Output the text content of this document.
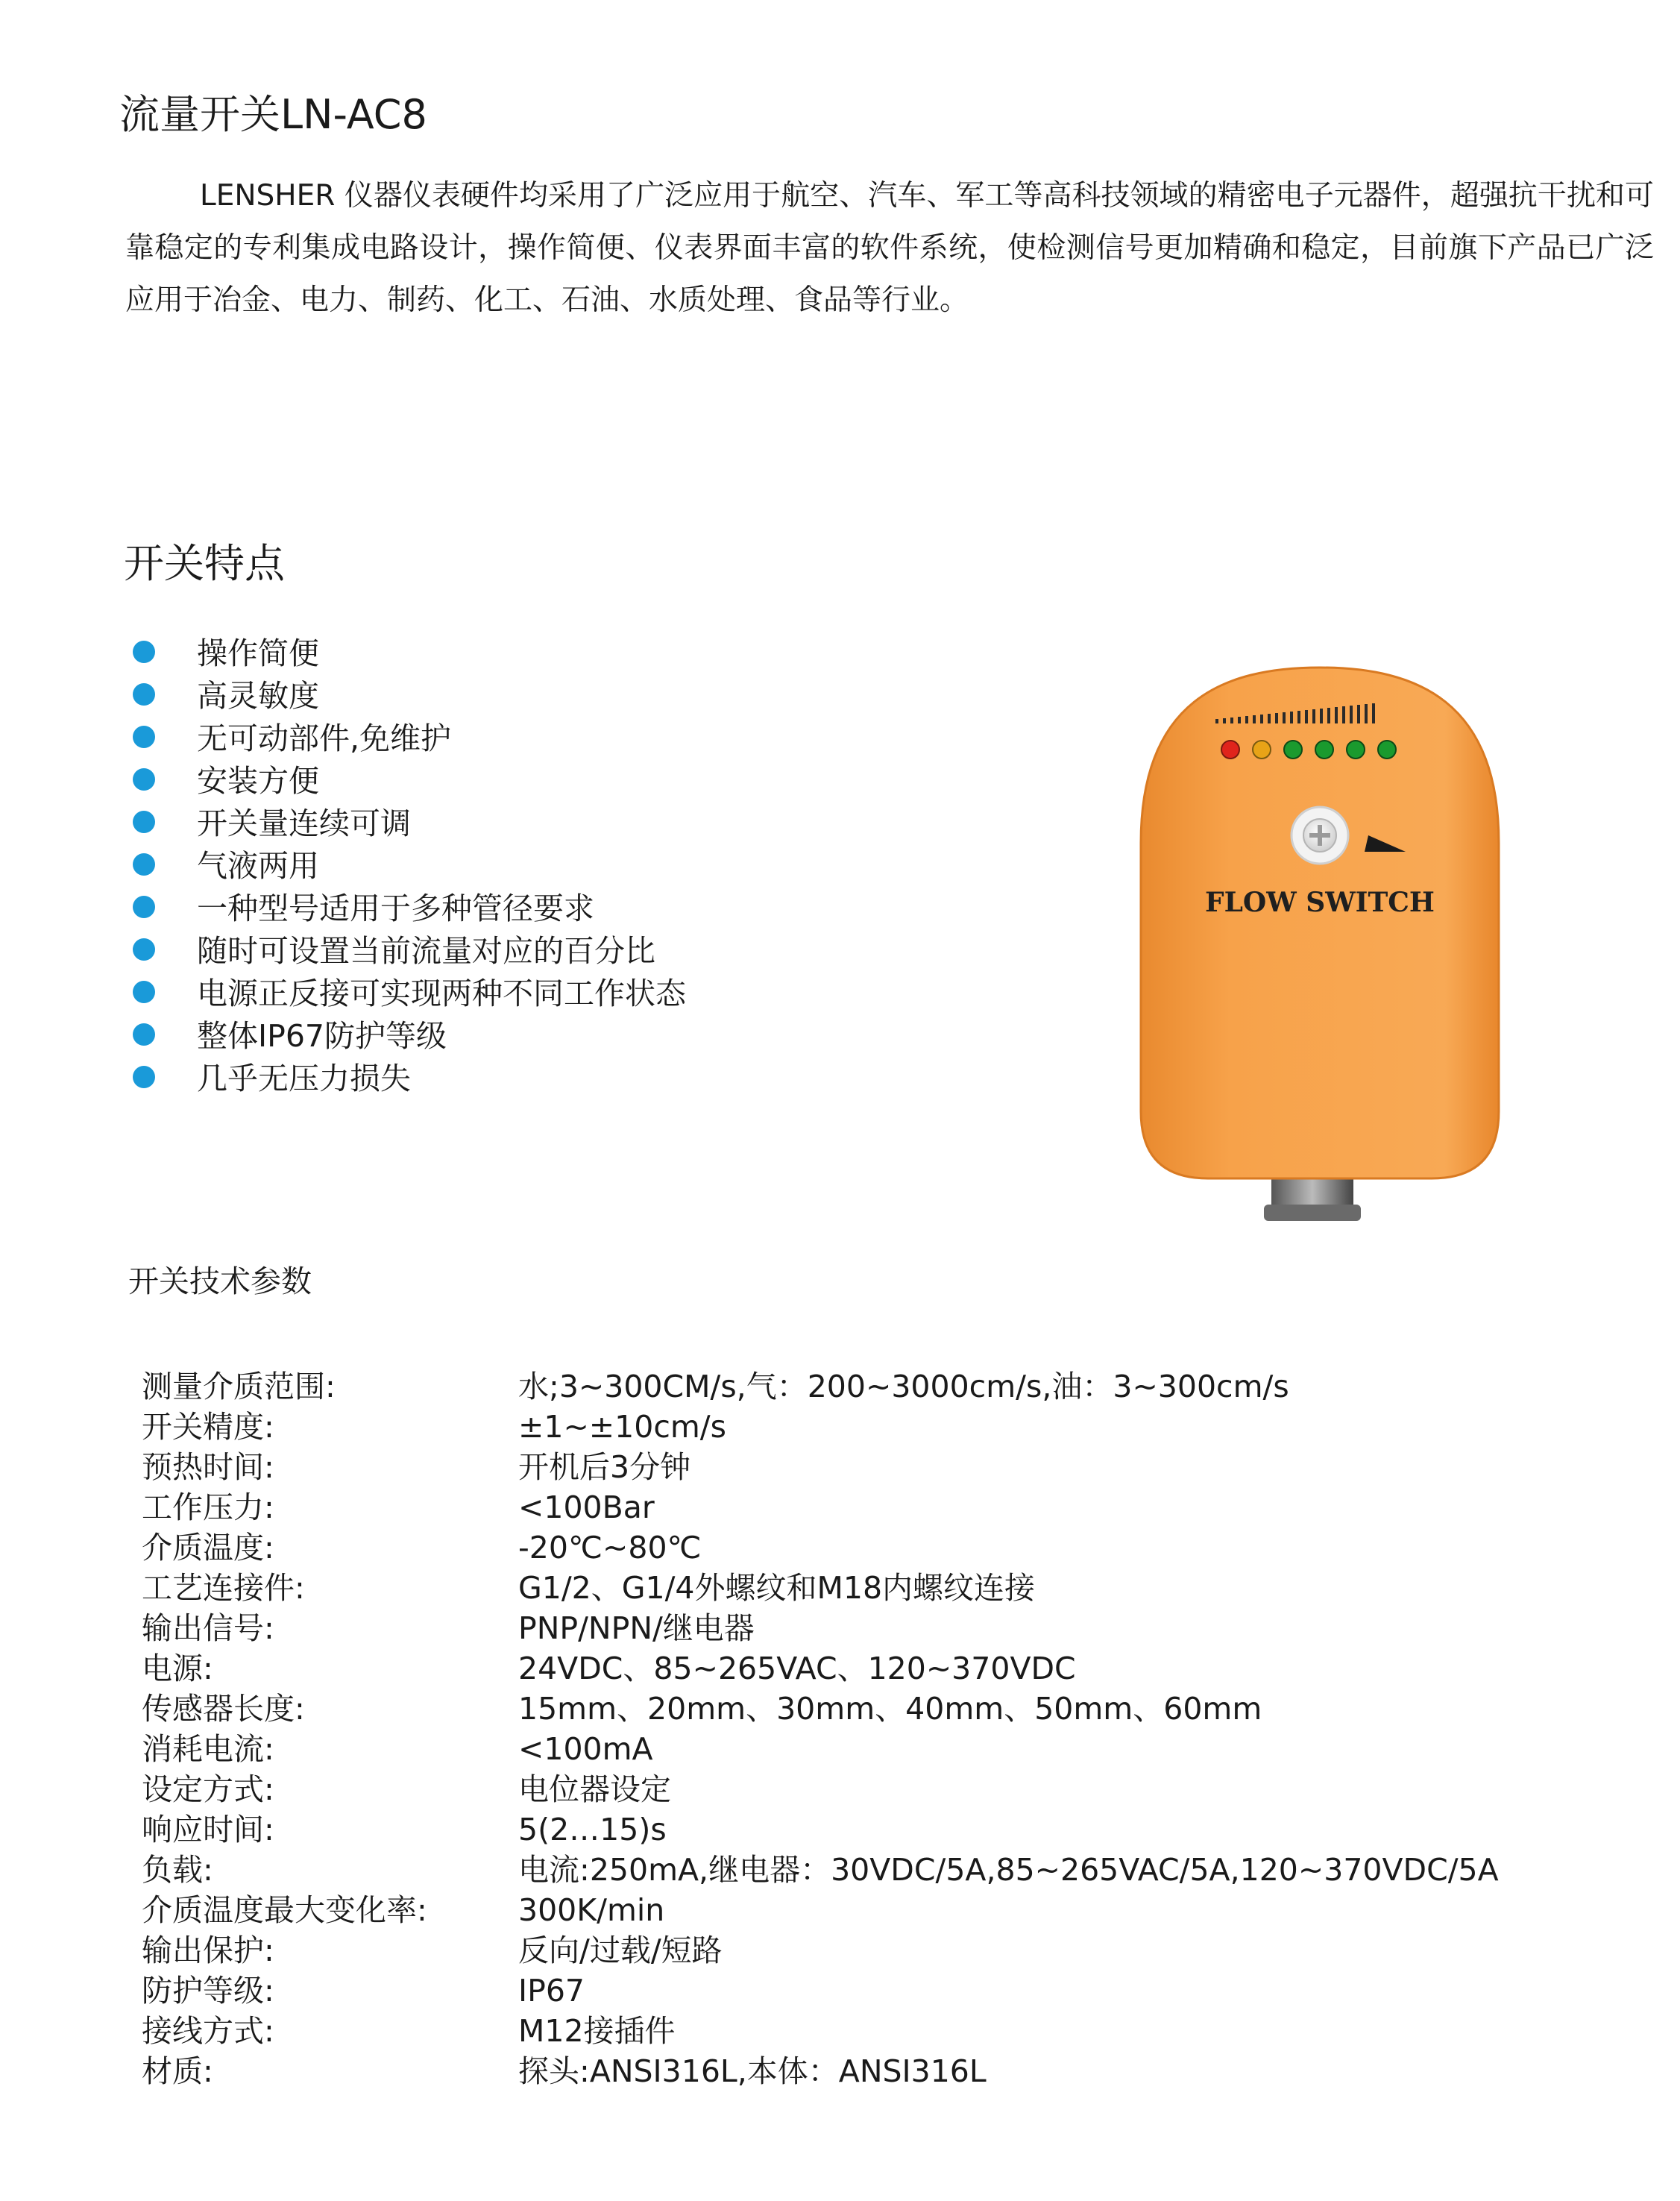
流量开关LN-AC8

LENSHER 仪器仪表硬件均采用了广泛应用于航空、汽车、军工等高科技领域的精密电子元器件，超强抗干扰和可靠稳定的专利集成电路设计，操作简便、仪表界面丰富的软件系统，使检测信号更加精确和稳定，目前旗下产品已广泛应用于冶金、电力、制药、化工、石油、水质处理、食品等行业。

开关特点
操作简便
高灵敏度
无可动部件,免维护
安装方便
开关量连续可调
气液两用
一种型号适用于多种管径要求
随时可设置当前流量对应的百分比
电源正反接可实现两种不同工作状态
整体IP67防护等级
几乎无压力损失
FLOW SWITCH
开关技术参数
测量介质范围:	水;3~300CM/s,气：200~3000cm/s,油：3~300cm/s
开关精度:	±1~±10cm/s
预热时间:	开机后3分钟
工作压力:	<100Bar
介质温度:	-20℃~80℃
工艺连接件:	G1/2、G1/4外螺纹和M18内螺纹连接
输出信号:	PNP/NPN/继电器
电源:	24VDC、85~265VAC、120~370VDC
传感器长度:	15mm、20mm、30mm、40mm、50mm、60mm
消耗电流:	<100mA
设定方式:	电位器设定
响应时间:	5(2…15)s
负载:	电流:250mA,继电器：30VDC/5A,85~265VAC/5A,120~370VDC/5A
介质温度最大变化率:	300K/min
输出保护:	反向/过载/短路
防护等级:	IP67
接线方式:	M12接插件
材质:	探头:ANSI316L,本体：ANSI316L
